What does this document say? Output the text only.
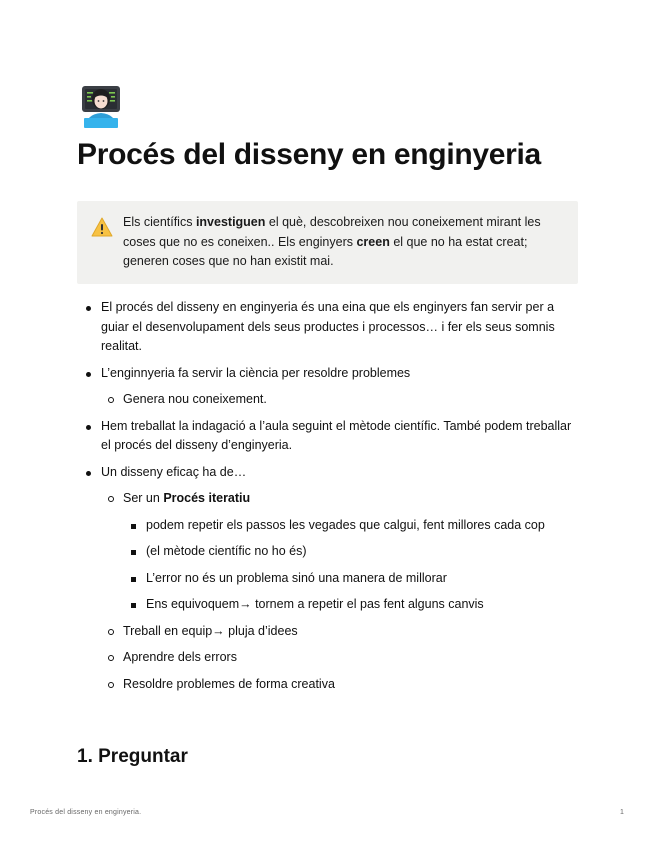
Procés del disseny en enginyeria
Els científics investiguen el què, descobreixen nou coneixement mirant les coses que no es coneixen.. Els enginyers creen el que no ha estat creat; generen coses que no han existit mai.
El procés del disseny en enginyeria és una eina que els enginyers fan servir per a guiar el desenvolupament dels seus productes i processos… i fer els seus somnis realitat.
L’enginnyeria fa servir la ciència per resoldre problemes
Genera nou coneixement.
Hem treballat la indagació a l’aula seguint el mètode científic. També podem treballar el procés del disseny d’enginyeria.
Un disseny eficaç ha de…
Ser un Procés iteratiu
podem repetir els passos les vegades que calgui, fent millores cada cop
(el mètode científic no ho és)
L’error no és un problema sinó una manera de millorar
Ens equivoquem→ tornem a repetir el pas fent alguns canvis
Treball en equip→ pluja d’idees
Aprendre dels errors
Resoldre problemes de forma creativa
1. Preguntar
Procés del disseny en enginyeria.	1
